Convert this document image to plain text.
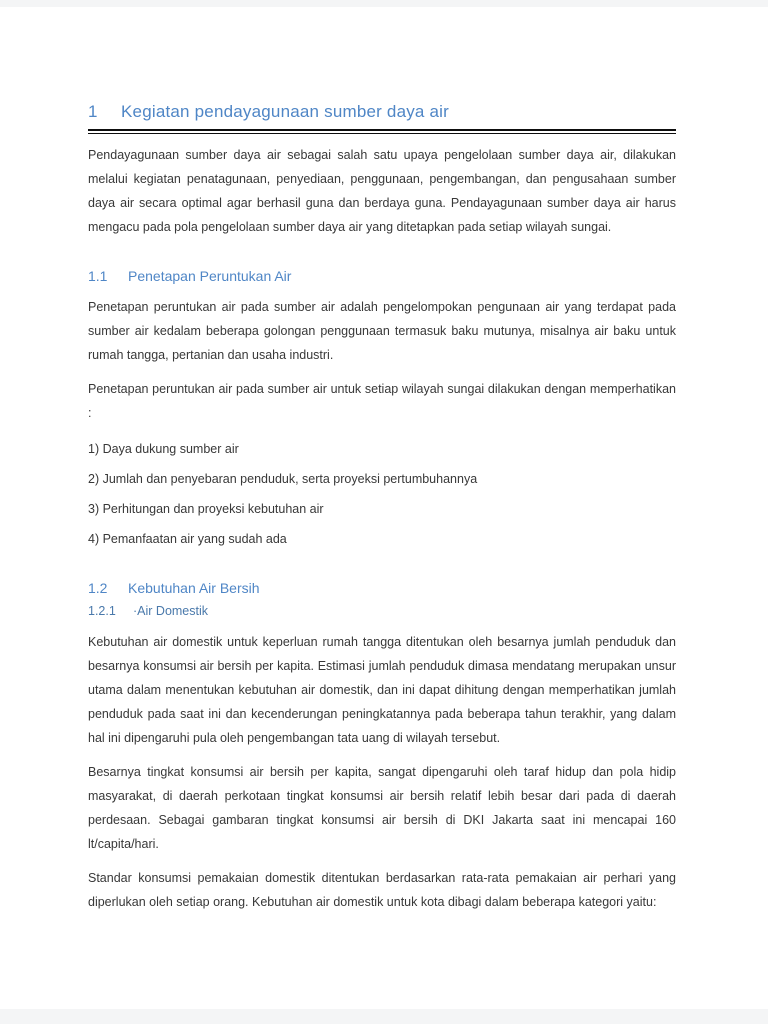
1 Kegiatan pendayagunaan sumber daya air

Pendayagunaan sumber daya air sebagai salah satu upaya pengelolaan sumber daya air, dilakukan melalui kegiatan penatagunaan, penyediaan, penggunaan, pengembangan, dan pengusahaan sumber daya air secara optimal agar berhasil guna dan berdaya guna. Pendayagunaan sumber daya air harus mengacu pada pola pengelolaan sumber daya air yang ditetapkan pada setiap wilayah sungai.

1.1 Penetapan Peruntukan Air

Penetapan peruntukan air pada sumber air adalah pengelompokan pengunaan air yang terdapat pada sumber air kedalam beberapa golongan penggunaan termasuk baku mutunya, misalnya air baku untuk rumah tangga, pertanian dan usaha industri.

Penetapan peruntukan air pada sumber air untuk setiap wilayah sungai dilakukan dengan memperhatikan :

1) Daya dukung sumber air
2) Jumlah dan penyebaran penduduk, serta proyeksi pertumbuhannya
3) Perhitungan dan proyeksi kebutuhan air
4) Pemanfaatan air yang sudah ada
1.2 Kebutuhan Air Bersih
1.2.1 ·Air Domestik

Kebutuhan air domestik untuk keperluan rumah tangga ditentukan oleh besarnya jumlah penduduk dan besarnya konsumsi air bersih per kapita. Estimasi jumlah penduduk dimasa mendatang merupakan unsur utama dalam menentukan kebutuhan air domestik, dan ini dapat dihitung dengan memperhatikan jumlah penduduk pada saat ini dan kecenderungan peningkatannya pada beberapa tahun terakhir, yang dalam hal ini dipengaruhi pula oleh pengembangan tata uang di wilayah tersebut.

Besarnya tingkat konsumsi air bersih per kapita, sangat dipengaruhi oleh taraf hidup dan pola hidip masyarakat, di daerah perkotaan tingkat konsumsi air bersih relatif lebih besar dari pada di daerah perdesaan. Sebagai gambaran tingkat konsumsi air bersih di DKI Jakarta saat ini mencapai 160 lt/capita/hari.

Standar konsumsi pemakaian domestik ditentukan berdasarkan rata-rata pemakaian air perhari yang diperlukan oleh setiap orang. Kebutuhan air domestik untuk kota dibagi dalam beberapa kategori yaitu:
